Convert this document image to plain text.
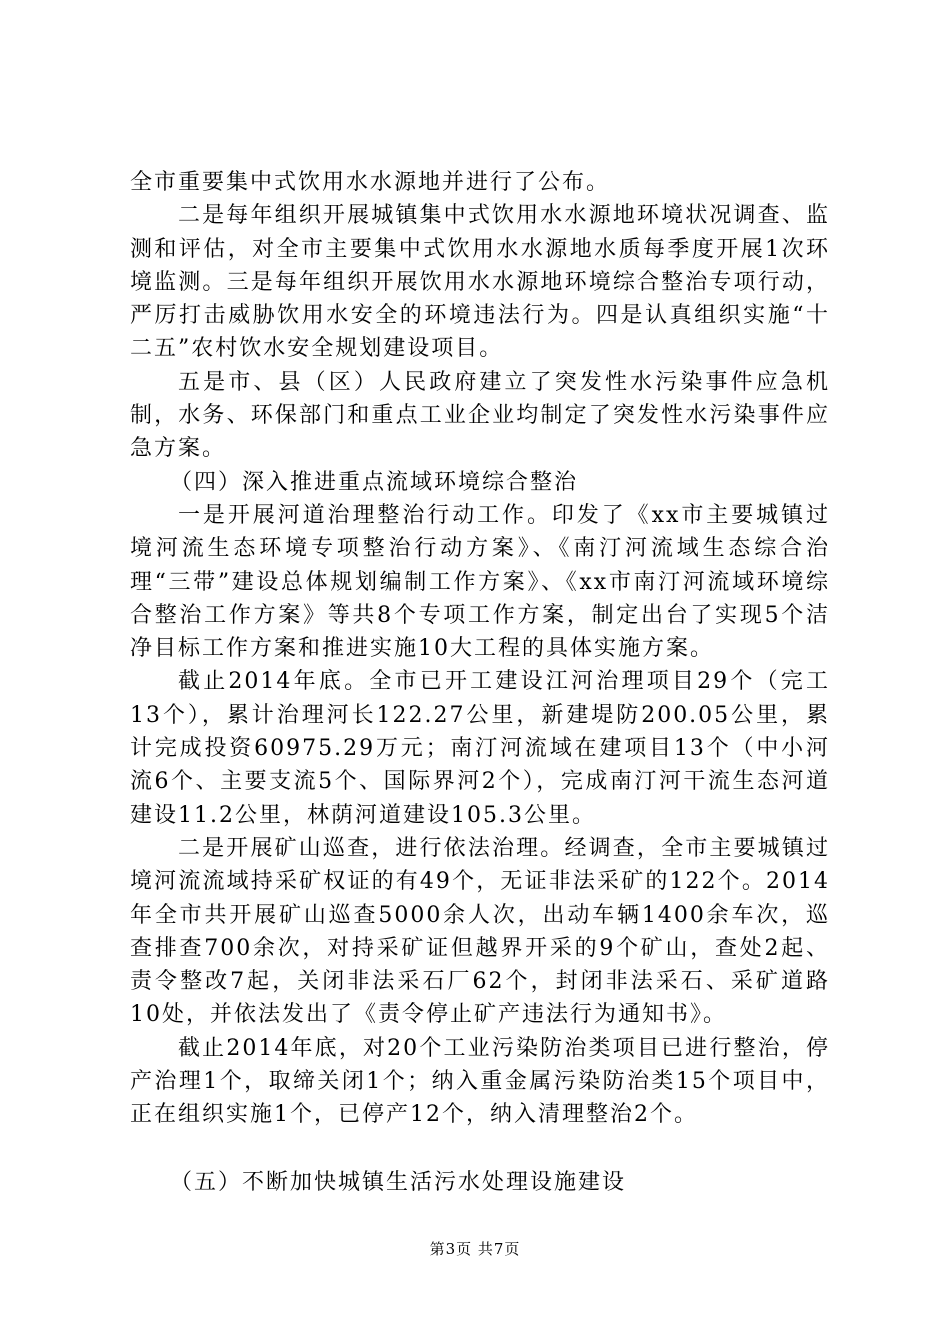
全市重要集中式饮用水水源地并进行了公布。

二是每年组织开展城镇集中式饮用水水源地环境状况调查、监测和评估，对全市主要集中式饮用水水源地水质每季度开展1次环境监测。三是每年组织开展饮用水水源地环境综合整治专项行动，严厉打击威胁饮用水安全的环境违法行为。四是认真组织实施“十二五”农村饮水安全规划建设项目。

五是市、县（区）人民政府建立了突发性水污染事件应急机制，水务、环保部门和重点工业企业均制定了突发性水污染事件应急方案。

（四）深入推进重点流域环境综合整治

一是开展河道治理整治行动工作。印发了《xx市主要城镇过境河流生态环境专项整治行动方案》、《南汀河流域生态综合治理“三带”建设总体规划编制工作方案》、《xx市南汀河流域环境综合整治工作方案》等共8个专项工作方案，制定出台了实现5个洁净目标工作方案和推进实施10大工程的具体实施方案。

截止2014年底。全市已开工建设江河治理项目29个（完工13个），累计治理河长122.27公里，新建堤防200.05公里，累计完成投资60975.29万元；南汀河流域在建项目13个（中小河流6个、主要支流5个、国际界河2个），完成南汀河干流生态河道建设11.2公里，林荫河道建设105.3公里。

二是开展矿山巡查，进行依法治理。经调查，全市主要城镇过境河流流域持采矿权证的有49个，无证非法采矿的122个。2014年全市共开展矿山巡查5000余人次，出动车辆1400余车次，巡查排查700余次，对持采矿证但越界开采的9个矿山，查处2起、责令整改7起，关闭非法采石厂62个，封闭非法采石、采矿道路10处，并依法发出了《责令停止矿产违法行为通知书》。

截止2014年底，对20个工业污染防治类项目已进行整治，停产治理1个，取缔关闭1个；纳入重金属污染防治类15个项目中，正在组织实施1个，已停产12个，纳入清理整治2个。

（五）不断加快城镇生活污水处理设施建设

第3页 共7页
